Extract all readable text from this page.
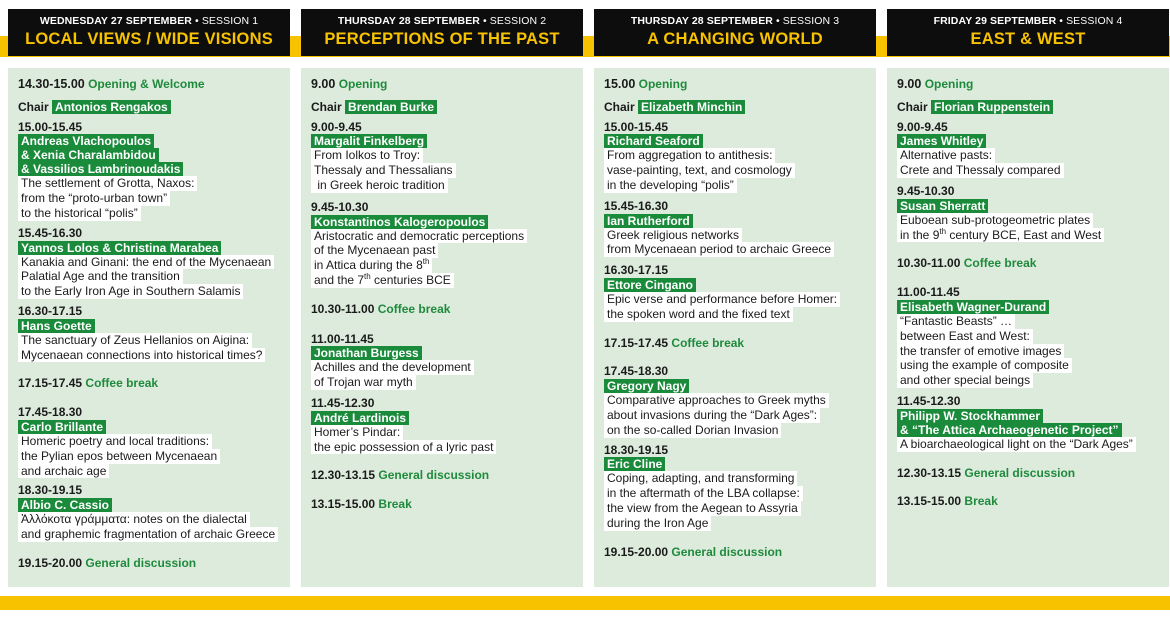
WEDNESDAY 27 SEPTEMBER • SESSION 1
LOCAL VIEWS / WIDE VISIONS

14.30-15.00 Opening & Welcome

Chair Antonios Rengakos

15.00-15.45

Andreas Vlachopoulos
& Xenia Charalambidou
& Vassilios Lambrinoudakis
The settlement of Grotta, Naxos:
from the “proto-urban town”
to the historical “polis”

15.45-16.30

Yannos Lolos & Christina Marabea
Kanakia and Ginani: the end of the Mycenaean
Palatial Age and the transition
to the Early Iron Age in Southern Salamis

16.30-17.15

Hans Goette
The sanctuary of Zeus Hellanios on Aigina:
Mycenaean connections into historical times?

17.15-17.45 Coffee break

17.45-18.30

Carlo Brillante
Homeric poetry and local traditions:
the Pylian epos between Mycenaean
and archaic age

18.30-19.15

Albio C. Cassio
Ἀλλόκοτα γράμματα: notes on the dialectal
and graphemic fragmentation of archaic Greece

19.15-20.00 General discussion

THURSDAY 28 SEPTEMBER • SESSION 2
PERCEPTIONS OF THE PAST

9.00 Opening

Chair Brendan Burke

9.00-9.45

Margalit Finkelberg
From Iolkos to Troy:
Thessaly and Thessalians
in Greek heroic tradition

9.45-10.30

Konstantinos Kalogeropoulos
Aristocratic and democratic perceptions
of the Mycenaean past
in Attica during the 8th
and the 7th centuries BCE

10.30-11.00 Coffee break

11.00-11.45

Jonathan Burgess
Achilles and the development
of Trojan war myth

11.45-12.30

André Lardinois
Homer’s Pindar:
the epic possession of a lyric past

12.30-13.15 General discussion

13.15-15.00 Break

THURSDAY 28 SEPTEMBER • SESSION 3
A CHANGING WORLD

15.00 Opening

Chair Elizabeth Minchin

15.00-15.45

Richard Seaford
From aggregation to antithesis:
vase-painting, text, and cosmology
in the developing “polis”

15.45-16.30

Ian Rutherford
Greek religious networks
from Mycenaean period to archaic Greece

16.30-17.15

Ettore Cingano
Epic verse and performance before Homer:
the spoken word and the fixed text

17.15-17.45 Coffee break

17.45-18.30

Gregory Nagy
Comparative approaches to Greek myths
about invasions during the “Dark Ages”:
on the so-called Dorian Invasion

18.30-19.15

Eric Cline
Coping, adapting, and transforming
in the aftermath of the LBA collapse:
the view from the Aegean to Assyria
during the Iron Age

19.15-20.00 General discussion

FRIDAY 29 SEPTEMBER • SESSION 4
EAST & WEST

9.00 Opening

Chair Florian Ruppenstein

9.00-9.45

James Whitley
Alternative pasts:
Crete and Thessaly compared

9.45-10.30

Susan Sherratt
Euboean sub-protogeometric plates
in the 9th century BCE, East and West

10.30-11.00 Coffee break

11.00-11.45

Elisabeth Wagner-Durand
“Fantastic Beasts” …
between East and West:
the transfer of emotive images
using the example of composite
and other special beings

11.45-12.30

Philipp W. Stockhammer
& “The Attica Archaeogenetic Project”
A bioarchaeological light on the “Dark Ages”

12.30-13.15 General discussion

13.15-15.00 Break
